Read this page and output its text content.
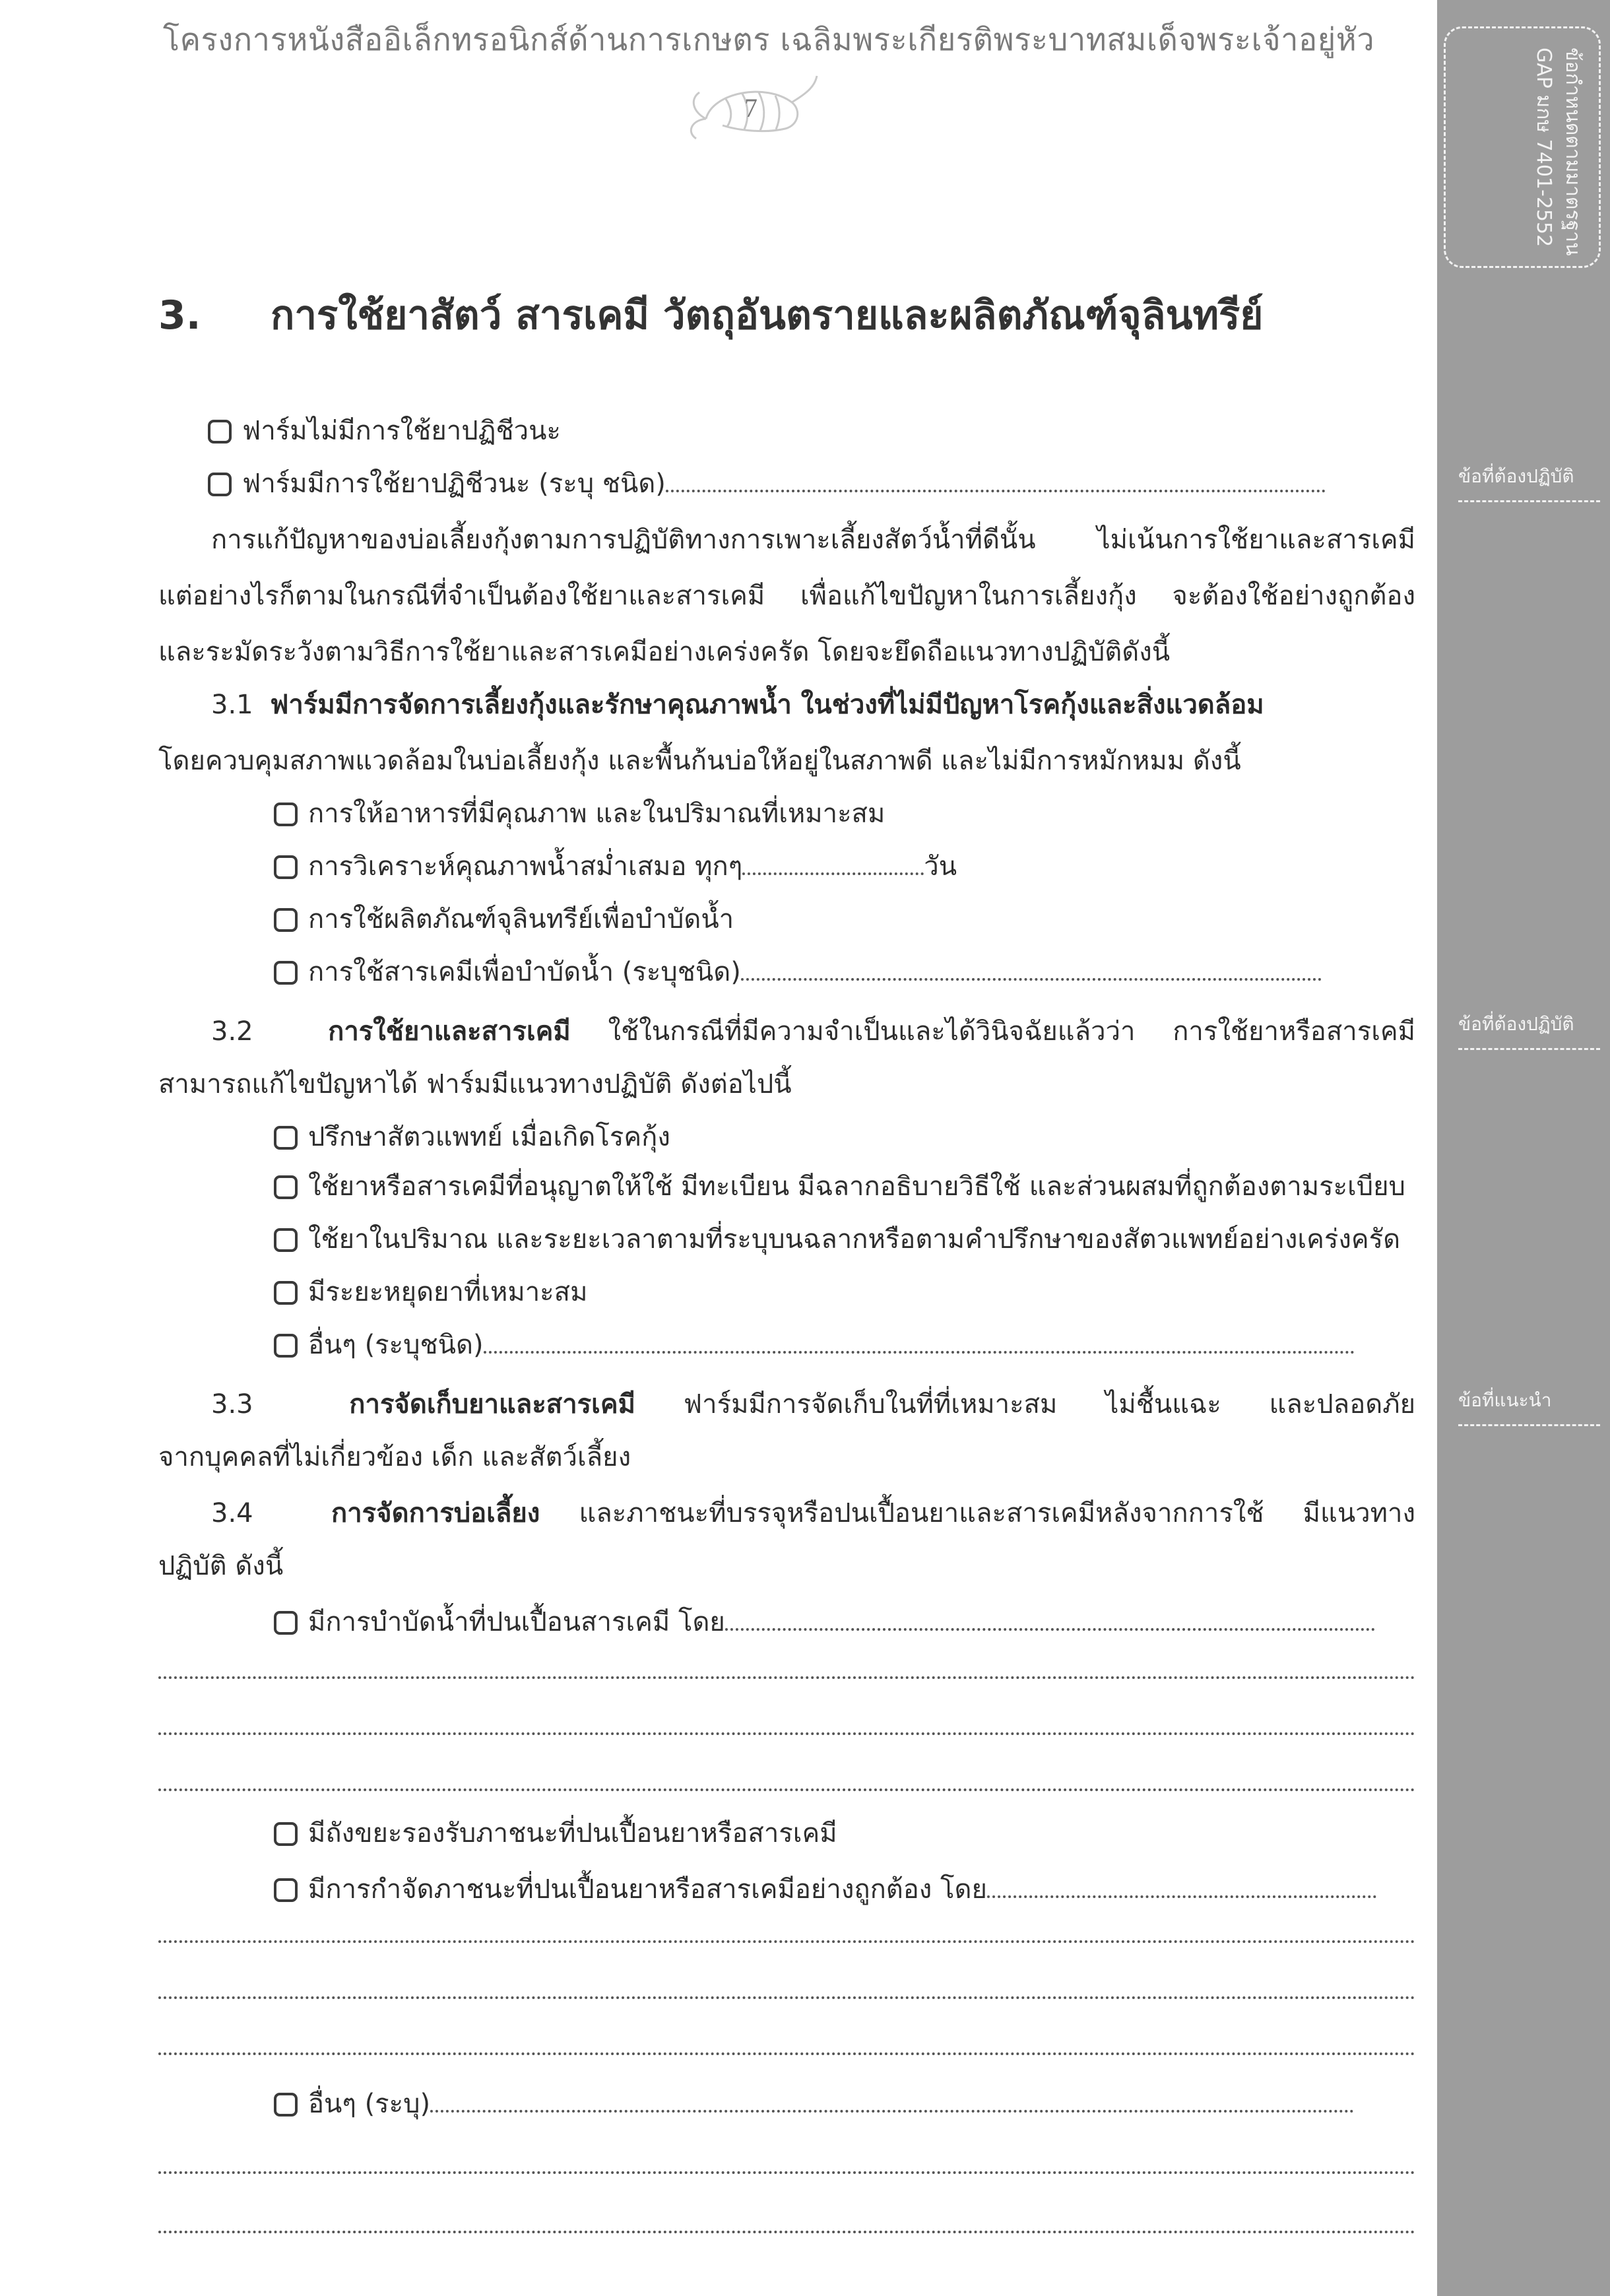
โครงการหนังสืออิเล็กทรอนิกส์ด้านการเกษตร เฉลิมพระเกียรติพระบาทสมเด็จพระเจ้าอยู่หัว
7	ข้อกำหนดตามมาตรฐาน
GAP มกษ 7401-2552
ข้อที่ต้องปฏิบัติ
ข้อที่ต้องปฏิบัติ
ข้อที่แนะนำ
3. การใช้ยาสัตว์ สารเคมี วัตถุอันตรายและผลิตภัณฑ์จุลินทรีย์
ฟาร์มไม่มีการใช้ยาปฏิชีวนะ
ฟาร์มมีการใช้ยาปฏิชีวนะ (ระบุ ชนิด)
การแก้ปัญหาของบ่อเลี้ยงกุ้งตามการปฏิบัติทางการเพาะเลี้ยงสัตว์น้ำที่ดีนั้น ไม่เน้นการใช้ยาและสารเคมี
แต่อย่างไรก็ตามในกรณีที่จำเป็นต้องใช้ยาและสารเคมี เพื่อแก้ไขปัญหาในการเลี้ยงกุ้ง จะต้องใช้อย่างถูกต้อง
และระมัดระวังตามวิธีการใช้ยาและสารเคมีอย่างเคร่งครัด โดยจะยึดถือแนวทางปฏิบัติดังนี้
3.1 ฟาร์มมีการจัดการเลี้ยงกุ้งและรักษาคุณภาพน้ำ ในช่วงที่ไม่มีปัญหาโรคกุ้งและสิ่งแวดล้อม
โดยควบคุมสภาพแวดล้อมในบ่อเลี้ยงกุ้ง และพื้นก้นบ่อให้อยู่ในสภาพดี และไม่มีการหมักหมม ดังนี้
การให้อาหารที่มีคุณภาพ และในปริมาณที่เหมาะสม
การวิเคราะห์คุณภาพน้ำสม่ำเสมอ ทุกๆ	วัน
การใช้ผลิตภัณฑ์จุลินทรีย์เพื่อบำบัดน้ำ
การใช้สารเคมีเพื่อบำบัดน้ำ (ระบุชนิด)
3.2	การใช้ยาและสารเคมี ใช้ในกรณีที่มีความจำเป็นและได้วินิจฉัยแล้วว่า การใช้ยาหรือสารเคมี
สามารถแก้ไขปัญหาได้ ฟาร์มมีแนวทางปฏิบัติ ดังต่อไปนี้
ปรึกษาสัตวแพทย์ เมื่อเกิดโรคกุ้ง
ใช้ยาหรือสารเคมีที่อนุญาตให้ใช้ มีทะเบียน มีฉลากอธิบายวิธีใช้ และส่วนผสมที่ถูกต้องตามระเบียบ
ใช้ยาในปริมาณ และระยะเวลาตามที่ระบุบนฉลากหรือตามคำปรึกษาของสัตวแพทย์อย่างเคร่งครัด
มีระยะหยุดยาที่เหมาะสม
อื่นๆ (ระบุชนิด)
3.3	การจัดเก็บยาและสารเคมี ฟาร์มมีการจัดเก็บในที่ที่เหมาะสม ไม่ชื้นแฉะ และปลอดภัย
จากบุคคลที่ไม่เกี่ยวข้อง เด็ก และสัตว์เลี้ยง
3.4	การจัดการบ่อเลี้ยง และภาชนะที่บรรจุหรือปนเปื้อนยาและสารเคมีหลังจากการใช้ มีแนวทาง
ปฏิบัติ ดังนี้
มีการบำบัดน้ำที่ปนเปื้อนสารเคมี โดย
มีถังขยะรองรับภาชนะที่ปนเปื้อนยาหรือสารเคมี
มีการกำจัดภาชนะที่ปนเปื้อนยาหรือสารเคมีอย่างถูกต้อง โดย
อื่นๆ (ระบุ)
